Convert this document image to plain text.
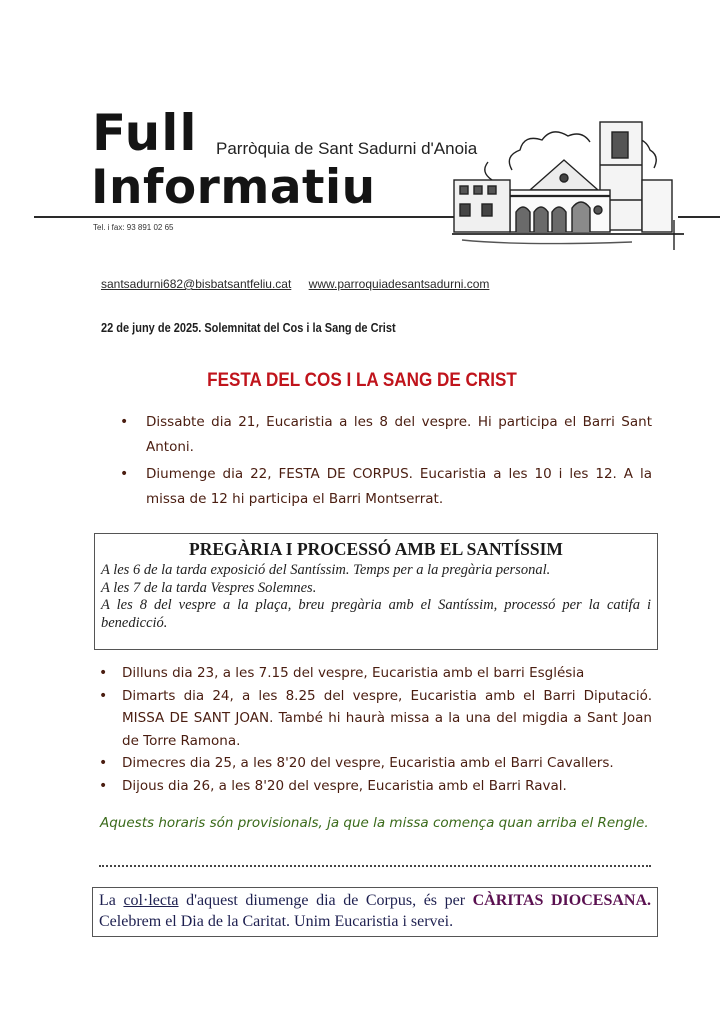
Full Parròquia de Sant Sadurni d'Anoia
Informatiu
Tel. i fax: 93 891 02 65
santsadurni682@bisbatsantfeliu.cat www.parroquiadesantsadurni.com
22 de juny de 2025. Solemnitat del Cos i la Sang de Crist
FESTA DEL COS I LA SANG DE CRIST
• Dissabte dia 21, Eucaristia a les 8 del vespre. Hi participa el Barri Sant Antoni.
• Diumenge dia 22, FESTA DE CORPUS. Eucaristia a les 10 i les 12. A la missa de 12 hi participa el Barri Montserrat.
PREGÀRIA I PROCESSÓ AMB EL SANTÍSSIM

A les 6 de la tarda exposició del Santíssim. Temps per a la pregària personal.

A les 7 de la tarda Vespres Solemnes.

A les 8 del vespre a la plaça, breu pregària amb el Santíssim, processó per la catifa i benedicció.

• Dilluns dia 23, a les 7.15 del vespre, Eucaristia amb el barri Església
• Dimarts dia 24, a les 8.25 del vespre, Eucaristia amb el Barri Diputació. MISSA DE SANT JOAN. També hi haurà missa a la una del migdia a Sant Joan de Torre Ramona.
• Dimecres dia 25, a les 8'20 del vespre, Eucaristia amb el Barri Cavallers.
• Dijous dia 26, a les 8'20 del vespre, Eucaristia amb el Barri Raval.
Aquests horaris són provisionals, ja que la missa comença quan arriba el Rengle.
La col·lecta d'aquest diumenge dia de Corpus, és per CÀRITAS DIOCESANA. Celebrem el Dia de la Caritat. Unim Eucaristia i servei.
